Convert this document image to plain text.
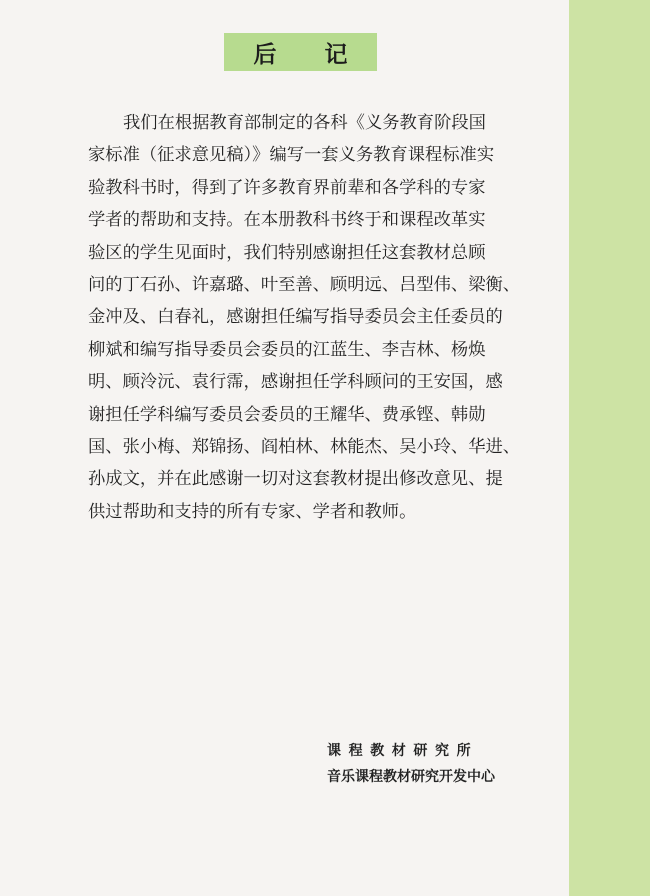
后 记
我们在根据教育部制定的各科《义务教育阶段国
家标准（征求意见稿）》编写一套义务教育课程标准实
验教科书时，得到了许多教育界前辈和各学科的专家
学者的帮助和支持。在本册教科书终于和课程改革实
验区的学生见面时，我们特别感谢担任这套教材总顾
问的丁石孙、许嘉璐、叶至善、顾明远、吕型伟、梁衡、
金冲及、白春礼，感谢担任编写指导委员会主任委员的
柳斌和编写指导委员会委员的江蓝生、李吉林、杨焕
明、顾泠沅、袁行霈，感谢担任学科顾问的王安国，感
谢担任学科编写委员会委员的王耀华、费承铿、韩勋
国、张小梅、郑锦扬、阎柏林、林能杰、吴小玲、华进、
孙成文，并在此感谢一切对这套教材提出修改意见、提
供过帮助和支持的所有专家、学者和教师。
课程教材研究所
音乐课程教材研究开发中心
